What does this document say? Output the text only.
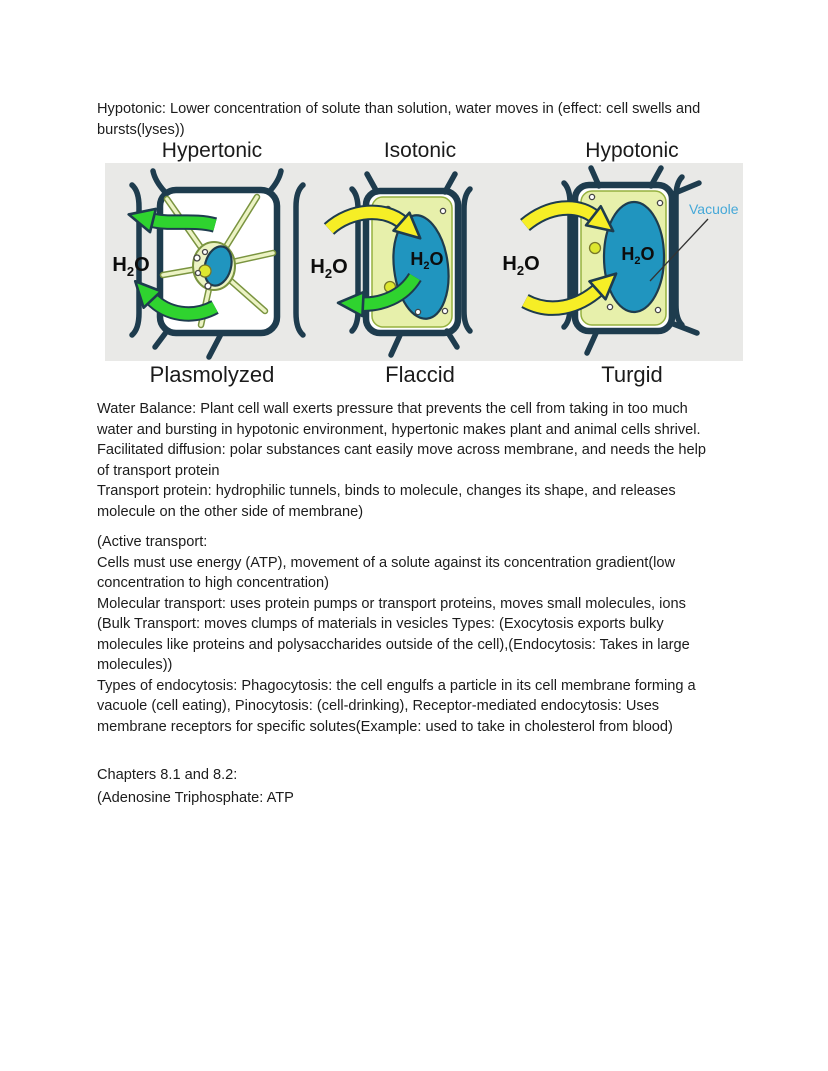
Hypotonic: Lower concentration of solute than solution, water moves in (effect: cell swells and
bursts(lyses))
Hypertonic	Isotonic	Hypotonic
$H_2O$	$H_2O$	$H_2O$	$H_2O$	$H_2O$
Vacuole
Plasmolyzed	Flaccid	Turgid
Water Balance: Plant cell wall exerts pressure that prevents the cell from taking in too much
water and bursting in hypotonic environment, hypertonic makes plant and animal cells shrivel.
Facilitated diffusion: polar substances cant easily move across membrane, and needs the help
of transport protein
Transport protein: hydrophilic tunnels, binds to molecule, changes its shape, and releases
molecule on the other side of membrane)
(Active transport:
Cells must use energy (ATP), movement of a solute against its concentration gradient(low
concentration to high concentration)
Molecular transport: uses protein pumps or transport proteins, moves small molecules, ions
(Bulk Transport: moves clumps of materials in vesicles Types: (Exocytosis exports bulky
molecules like proteins and polysaccharides outside of the cell),(Endocytosis: Takes in large
molecules))
Types of endocytosis: Phagocytosis: the cell engulfs a particle in its cell membrane forming a
vacuole (cell eating), Pinocytosis: (cell-drinking), Receptor-mediated endocytosis: Uses
membrane receptors for specific solutes(Example: used to take in cholesterol from blood)
Chapters 8.1 and 8.2:
(Adenosine Triphosphate: ATP
